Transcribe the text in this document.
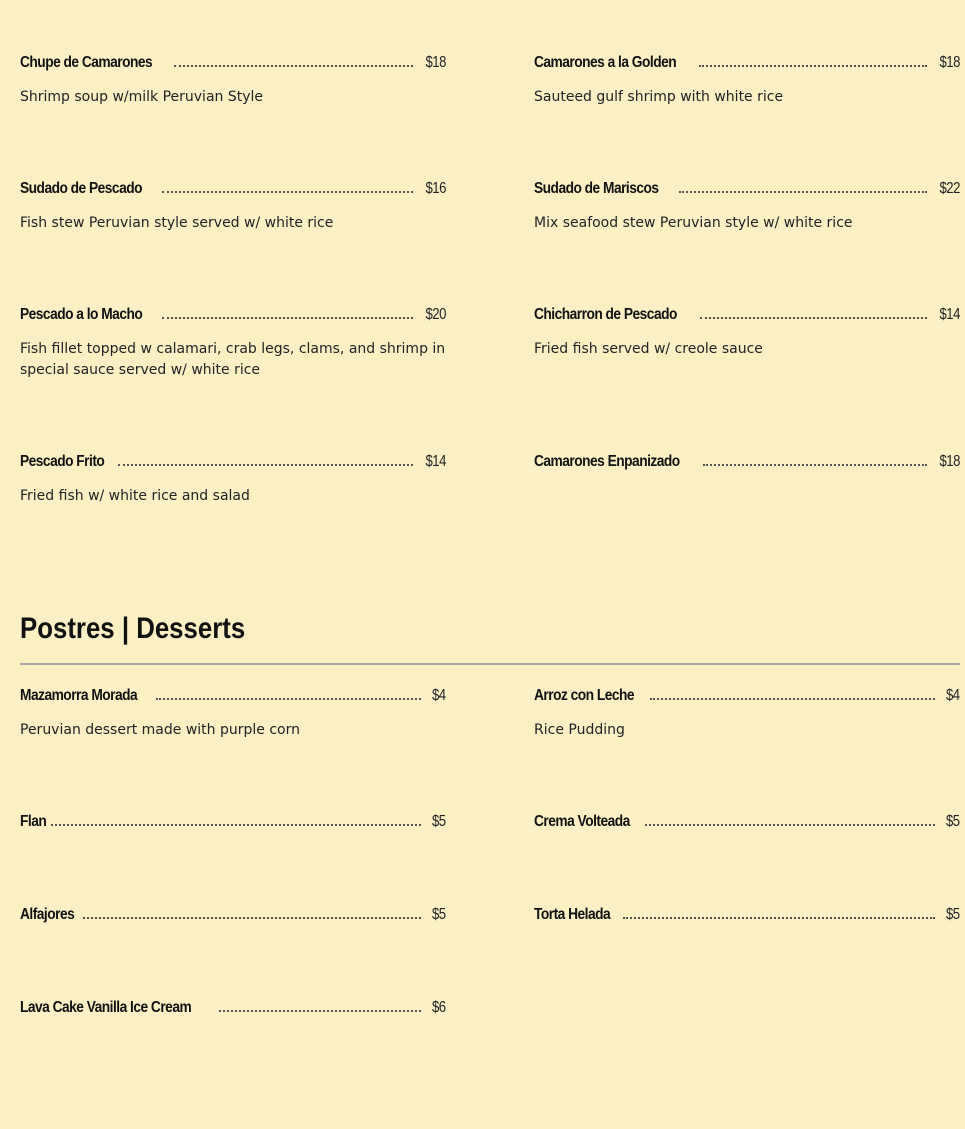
Chupe de Camarones	$18
Shrimp soup w/milk Peruvian Style
Camarones a la Golden	$18
Sauteed gulf shrimp with white rice
Sudado de Pescado	$16
Fish stew Peruvian style served w/ white rice
Sudado de Mariscos	$22
Mix seafood stew Peruvian style w/ white rice
Pescado a lo Macho	$20
Fish fillet topped w calamari, crab legs, clams, and shrimp in special sauce served w/ white rice
Chicharron de Pescado	$14
Fried fish served w/ creole sauce
Pescado Frito	$14
Fried fish w/ white rice and salad
Camarones Enpanizado	$18
Postres | Desserts
Mazamorra Morada	$4
Peruvian dessert made with purple corn
Arroz con Leche	$4
Rice Pudding
Flan	$5	Crema Volteada	$5
Alfajores	$5	Torta Helada	$5
Lava Cake Vanilla Ice Cream	$6
